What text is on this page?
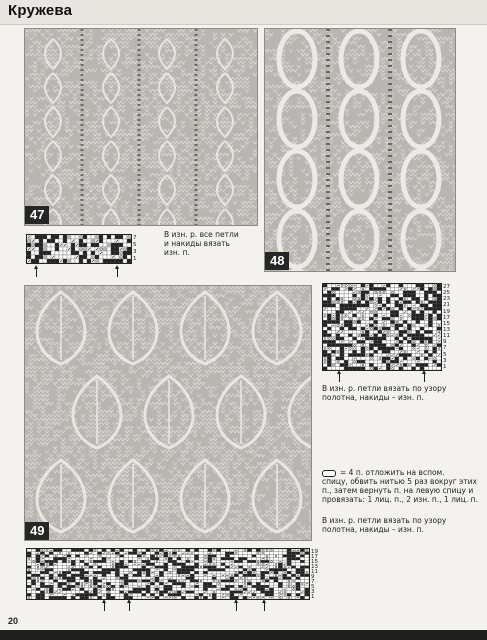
Кружева
47
48
49
7
5
3
1
В изн. р. все петли
и накиды вязать
изн. п.
27
25
23
21
19
17
15
13
11
9
7
5
3
1
В изн. р. петли вязать по узору
полотна, накиды – изн. п.
= 4 п. отложить на вспом.
спицу, обвить нитью 5 раз вокруг этих
п., затем вернуть п. на левую спицу и
провязать: 1 лиц. п., 2 изн. п., 1 лиц. п.
В изн. р. петли вязать по узору
полотна, накиды – изн. п.
19
17
15
13
11
9
7
5
3
1
20
